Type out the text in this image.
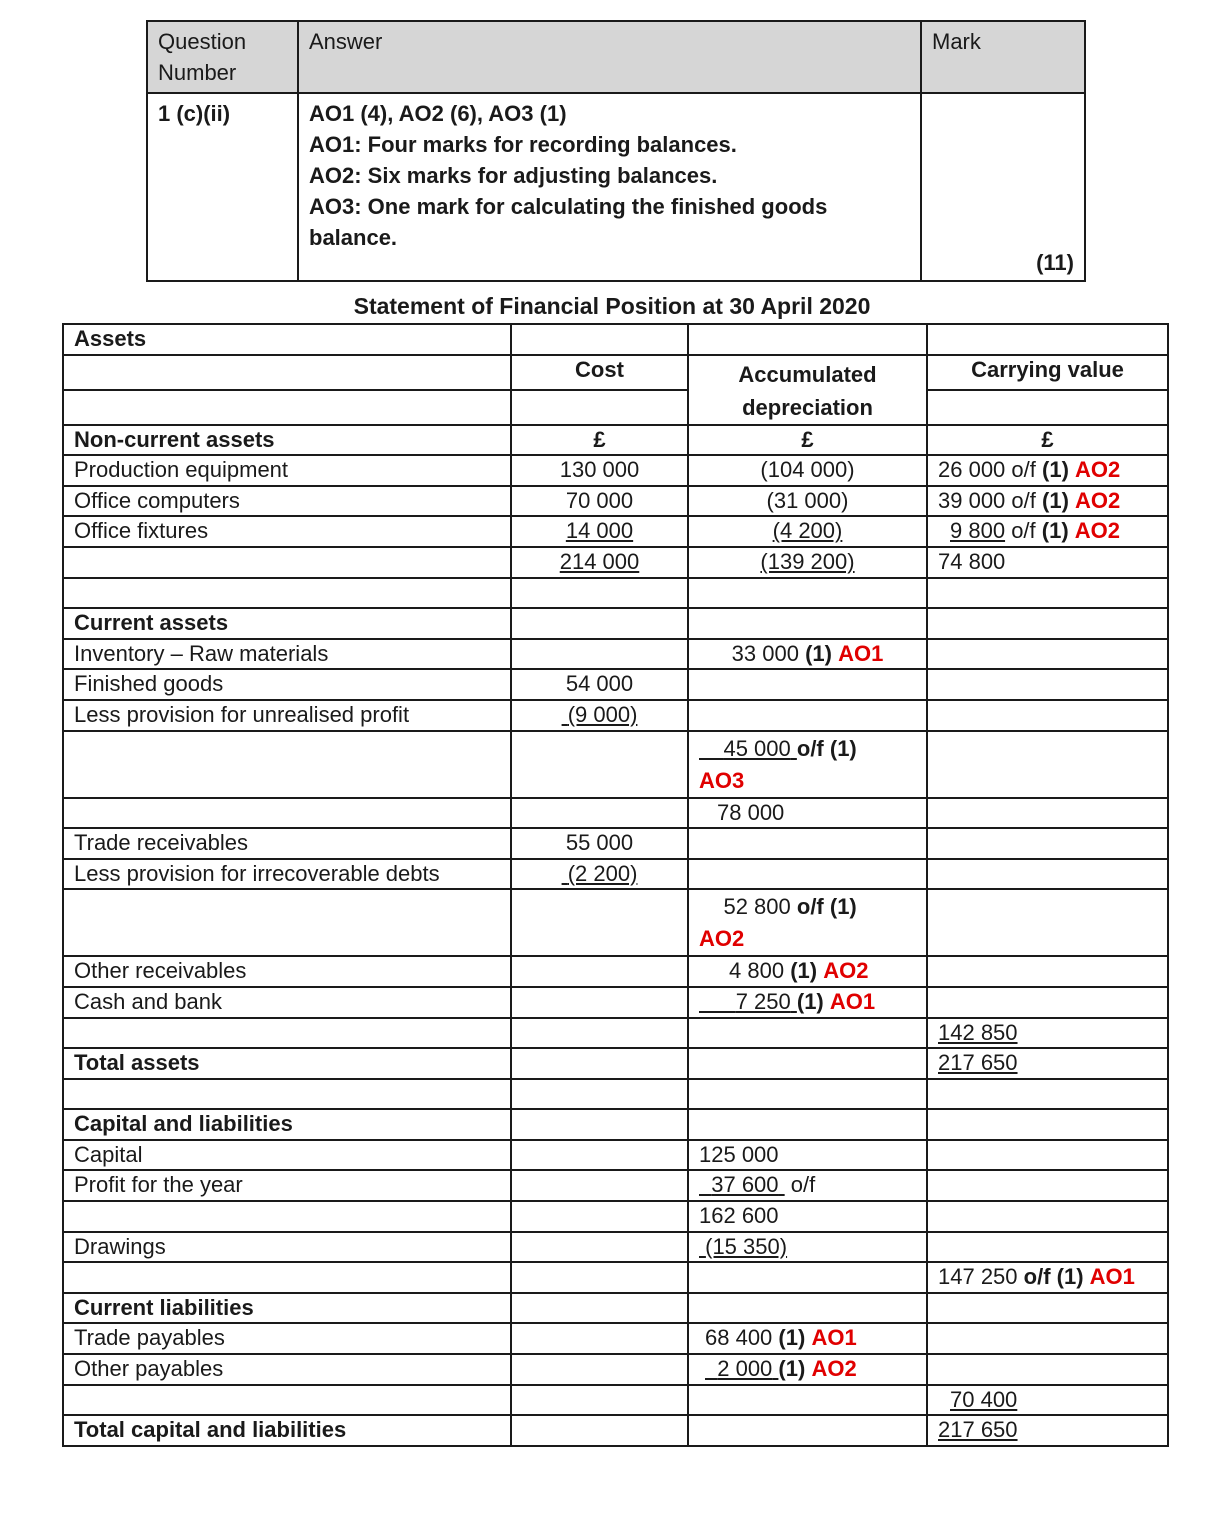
Question Number	Answer	Mark
1 (c)(ii)	AO1 (4), AO2 (6), AO3 (1)
AO1: Four marks for recording balances.
AO2: Six marks for adjusting balances.
AO3: One mark for calculating the finished goods balance.	(11)
Statement of Financial Position at 30 April 2020
Assets			
	Cost	Accumulated depreciation	Carrying value

Non-current assets	£	£	£
Production equipment	130 000	(104 000)	26 000 o/f (1) AO2
Office computers	70 000	(31 000)	39 000 o/f (1) AO2
Office fixtures	14 000	(4 200)	9 800 o/f (1) AO2
	214 000	(139 200)	74 800

Current assets			
Inventory – Raw materials		33 000 (1) AO1	
Finished goods	54 000		
Less provision for unrealised profit	(9 000)		
		45 000 o/f (1)
AO3	
		78 000	
Trade receivables	55 000		
Less provision for irrecoverable debts	(2 200)		
		52 800 o/f (1)
AO2	
Other receivables		4 800 (1) AO2	
Cash and bank		7 250 (1) AO1	
			142 850
Total assets			217 650

Capital and liabilities			
Capital		125 000	
Profit for the year		37 600 o/f	
		162 600	
Drawings		(15 350)	
			147 250 o/f (1) AO1
Current liabilities			
Trade payables		68 400 (1) AO1	
Other payables		2 000 (1) AO2	
			70 400
Total capital and liabilities			217 650
